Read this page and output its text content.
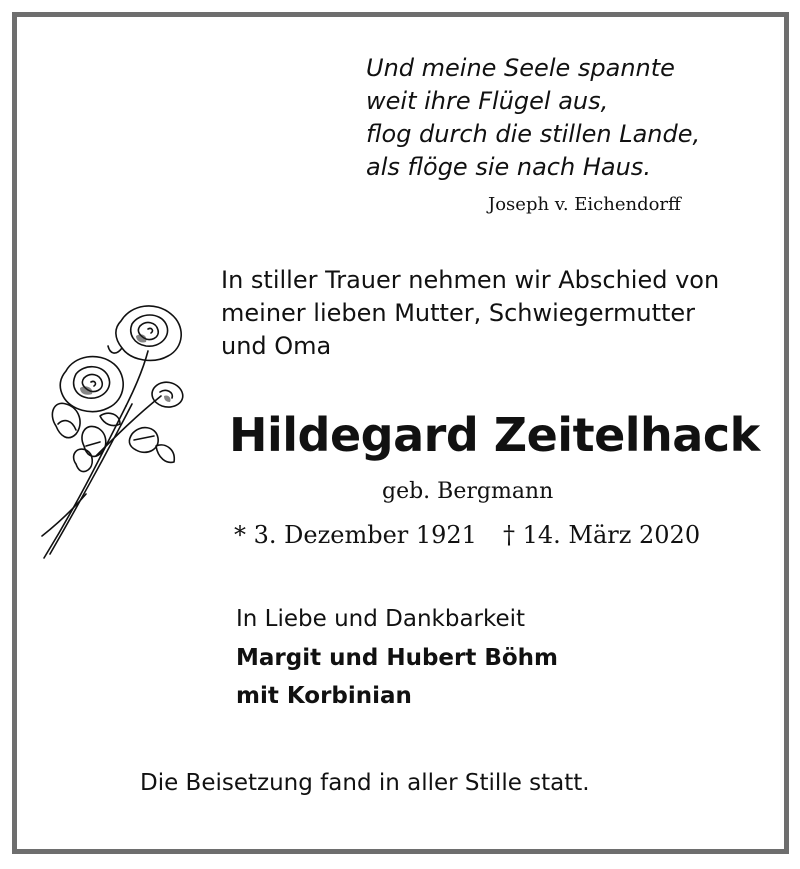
Und meine Seele spannte
weit ihre Flügel aus,
flog durch die stillen Lande,
als flöge sie nach Haus.
Joseph v. Eichendorff
In stiller Trauer nehmen wir Abschied von
meiner lieben Mutter, Schwiegermutter
und Oma
Hildegard Zeitelhack
geb. Bergmann
* 3. Dezember 1921 † 14. März 2020
In Liebe und Dankbarkeit
Margit und Hubert Böhm
mit Korbinian
Die Beisetzung fand in aller Stille statt.
